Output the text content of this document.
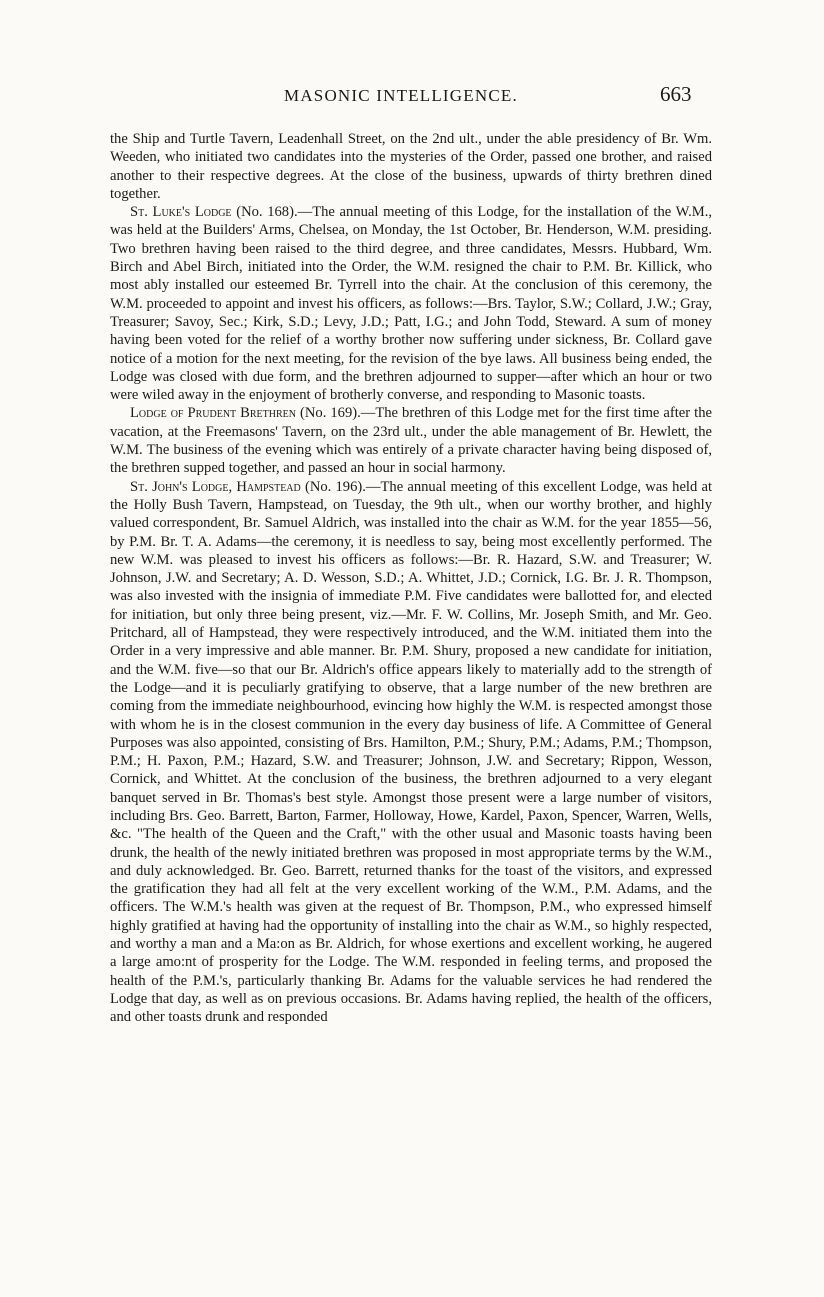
MASONIC INTELLIGENCE.	663

the Ship and Turtle Tavern, Leadenhall Street, on the 2nd ult., under the able presidency of Br. Wm. Weeden, who initiated two candidates into the mysteries of the Order, passed one brother, and raised another to their respective degrees. At the close of the business, upwards of thirty brethren dined together.

St. Luke's Lodge (No. 168).—The annual meeting of this Lodge, for the installation of the W.M., was held at the Builders' Arms, Chelsea, on Monday, the 1st October, Br. Henderson, W.M. presiding. Two brethren having been raised to the third degree, and three candidates, Messrs. Hubbard, Wm. Birch and Abel Birch, initiated into the Order, the W.M. resigned the chair to P.M. Br. Killick, who most ably installed our esteemed Br. Tyrrell into the chair. At the conclusion of this ceremony, the W.M. proceeded to appoint and invest his officers, as follows:—Brs. Taylor, S.W.; Collard, J.W.; Gray, Treasurer; Savoy, Sec.; Kirk, S.D.; Levy, J.D.; Patt, I.G.; and John Todd, Steward. A sum of money having been voted for the relief of a worthy brother now suffering under sickness, Br. Collard gave notice of a motion for the next meeting, for the revision of the bye laws. All business being ended, the Lodge was closed with due form, and the brethren adjourned to supper—after which an hour or two were wiled away in the enjoyment of brotherly converse, and responding to Masonic toasts.

Lodge of Prudent Brethren (No. 169).—The brethren of this Lodge met for the first time after the vacation, at the Freemasons' Tavern, on the 23rd ult., under the able management of Br. Hewlett, the W.M. The business of the evening which was entirely of a private character having being disposed of, the brethren supped together, and passed an hour in social harmony.

St. John's Lodge, Hampstead (No. 196).—The annual meeting of this excellent Lodge, was held at the Holly Bush Tavern, Hampstead, on Tuesday, the 9th ult., when our worthy brother, and highly valued correspondent, Br. Samuel Aldrich, was installed into the chair as W.M. for the year 1855—56, by P.M. Br. T. A. Adams—the ceremony, it is needless to say, being most excellently performed. The new W.M. was pleased to invest his officers as follows:—Br. R. Hazard, S.W. and Treasurer; W. Johnson, J.W. and Secretary; A. D. Wesson, S.D.; A. Whittet, J.D.; Cornick, I.G. Br. J. R. Thompson, was also invested with the insignia of immediate P.M. Five candidates were ballotted for, and elected for initiation, but only three being present, viz.—Mr. F. W. Collins, Mr. Joseph Smith, and Mr. Geo. Pritchard, all of Hampstead, they were respectively introduced, and the W.M. initiated them into the Order in a very impressive and able manner. Br. P.M. Shury, proposed a new candidate for initiation, and the W.M. five—so that our Br. Aldrich's office appears likely to materially add to the strength of the Lodge—and it is peculiarly gratifying to observe, that a large number of the new brethren are coming from the immediate neighbourhood, evincing how highly the W.M. is respected amongst those with whom he is in the closest communion in the every day business of life. A Committee of General Purposes was also appointed, consisting of Brs. Hamilton, P.M.; Shury, P.M.; Adams, P.M.; Thompson, P.M.; H. Paxon, P.M.; Hazard, S.W. and Treasurer; Johnson, J.W. and Secretary; Rippon, Wesson, Cornick, and Whittet. At the conclusion of the business, the brethren adjourned to a very elegant banquet served in Br. Thomas's best style. Amongst those present were a large number of visitors, including Brs. Geo. Barrett, Barton, Farmer, Holloway, Howe, Kardel, Paxon, Spencer, Warren, Wells, &c. "The health of the Queen and the Craft," with the other usual and Masonic toasts having been drunk, the health of the newly initiated brethren was proposed in most appropriate terms by the W.M., and duly acknowledged. Br. Geo. Barrett, returned thanks for the toast of the visitors, and expressed the gratification they had all felt at the very excellent working of the W.M., P.M. Adams, and the officers. The W.M.'s health was given at the request of Br. Thompson, P.M., who expressed himself highly gratified at having had the opportunity of installing into the chair as W.M., so highly respected, and worthy a man and a Ma:on as Br. Aldrich, for whose exertions and excellent working, he augered a large amo:nt of prosperity for the Lodge. The W.M. responded in feeling terms, and proposed the health of the P.M.'s, particularly thanking Br. Adams for the valuable services he had rendered the Lodge that day, as well as on previous occasions. Br. Adams having replied, the health of the officers, and other toasts drunk and responded
